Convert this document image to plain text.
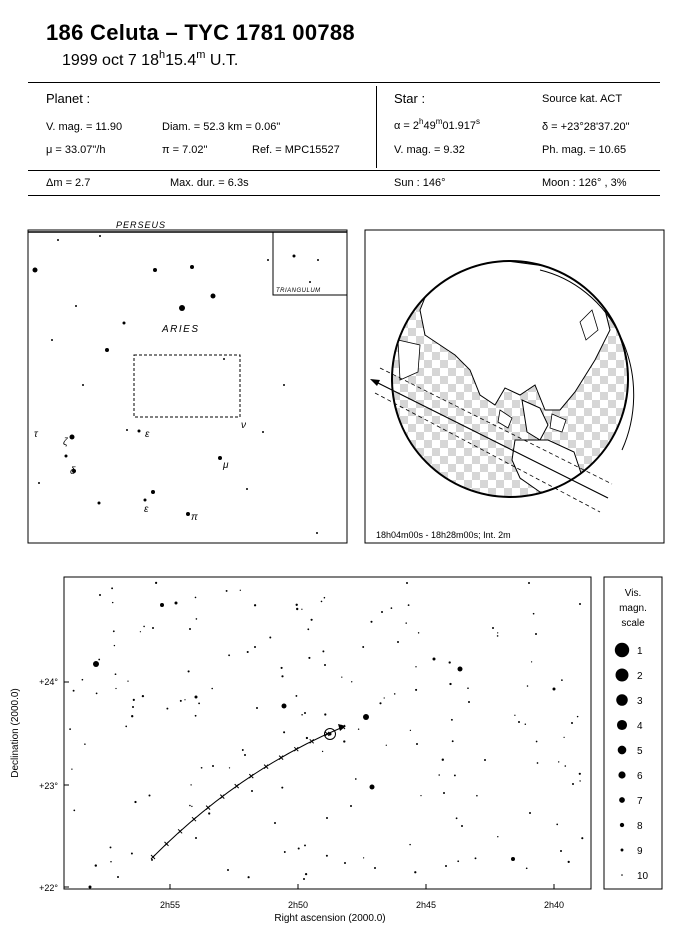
186 Celuta – TYC 1781 00788
1999 oct 7 18$^h$15.4$^m$ U.T.
Planet :
V. mag. = 11.90	Diam. = 52.3 km = 0.06"
μ = 33.07"/h	π = 7.02"	Ref. = MPC15527
Star :	Source kat. ACT
$\alpha = 2^h49^m01.917^s$	δ = +23°28'37.20"
V. mag. = 9.32	Ph. mag. = 10.65
Δm = 2.7	Max. dur. = 6.3s	Sun : 146°	Moon : 126° , 3%
PERSEUS
TRIANGULUM
ARIES
τ
ζ
δ
ε
ν
μ
ε
π
18h04m00s - 18h28m00s; Int. 2m
2h55	2h50	2h45	2h40
+24°
+23°
+22°
Right ascension (2000.0)
Declination (2000.0)
Vis.
magn.
scale
1
2
3
4
5
6
7
8
9
10
